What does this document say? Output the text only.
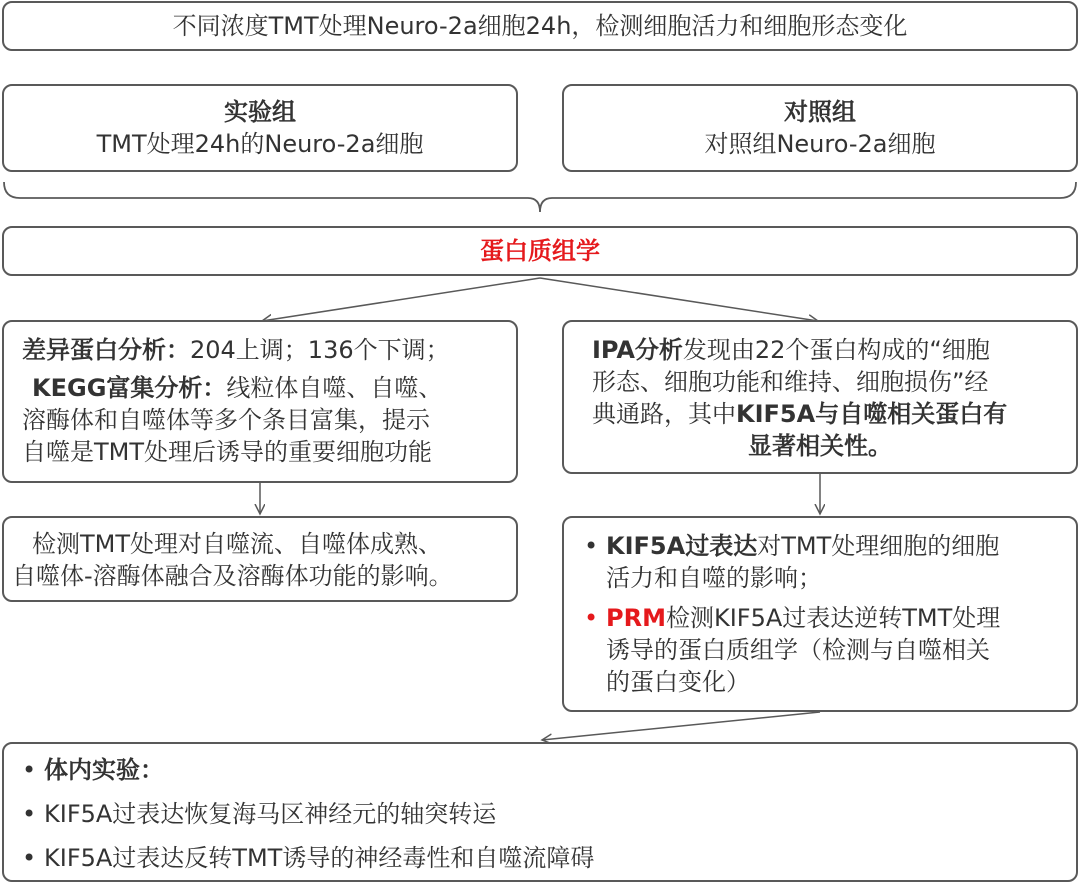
不同浓度TMT处理Neuro-2a细胞24h，检测细胞活力和细胞形态变化
实验组
TMT处理24h的Neuro-2a细胞
对照组
对照组Neuro-2a细胞
蛋白质组学
差异蛋白分析：204上调；136个下调；
KEGG富集分析：线粒体自噬、自噬、
溶酶体和自噬体等多个条目富集，提示
自噬是TMT处理后诱导的重要细胞功能
IPA分析发现由22个蛋白构成的“细胞
形态、细胞功能和维持、细胞损伤”经
典通路，其中KIF5A与自噬相关蛋白有
显著相关性。
检测TMT处理对自噬流、自噬体成熟、
自噬体-溶酶体融合及溶酶体功能的影响。
• KIF5A过表达对TMT处理细胞的细胞
活力和自噬的影响；
• PRM检测KIF5A过表达逆转TMT处理
诱导的蛋白质组学（检测与自噬相关
的蛋白变化）
• 体内实验：
• KIF5A过表达恢复海马区神经元的轴突转运
• KIF5A过表达反转TMT诱导的神经毒性和自噬流障碍
